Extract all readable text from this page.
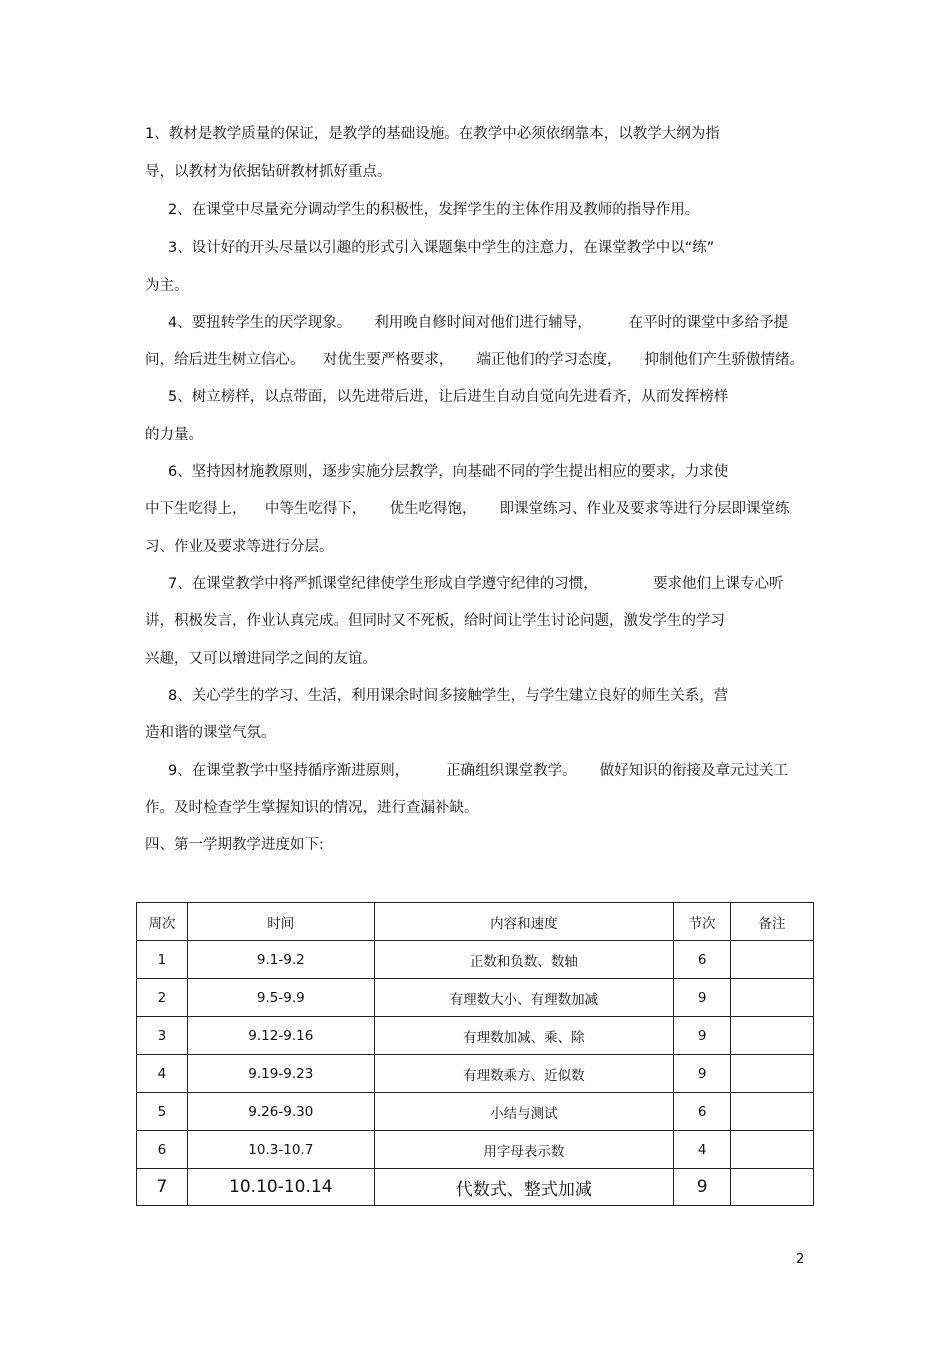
1、教材是教学质量的保证，是教学的基础设施。在教学中必须依纲靠本，以教学大纲为指
导，以教材为依据钻研教材抓好重点。
2、在课堂中尽量充分调动学生的积极性，发挥学生的主体作用及教师的指导作用。
3、设计好的开头尽量以引趣的形式引入课题集中学生的注意力，在课堂教学中以“练”
为主。
4、要扭转学生的厌学现象。     利用晚自修时间对他们进行辅导，        在平时的课堂中多给予提
问，给后进生树立信心。    对优生要严格要求，     端正他们的学习态度，     抑制他们产生骄傲情绪。
5、树立榜样，以点带面，以先进带后进，让后进生自动自觉向先进看齐，从而发挥榜样
的力量。
6、坚持因材施教原则，逐步实施分层教学，向基础不同的学生提出相应的要求，力求使
中下生吃得上，    中等生吃得下，     优生吃得饱，     即课堂练习、作业及要求等进行分层即课堂练
习、作业及要求等进行分层。
7、在课堂教学中将严抓课堂纪律使学生形成自学遵守纪律的习惯，            要求他们上课专心听
讲，积极发言，作业认真完成。但同时又不死板，给时间让学生讨论问题，激发学生的学习
兴趣，又可以增进同学之间的友谊。
8、关心学生的学习、生活，利用课余时间多接触学生，与学生建立良好的师生关系，营
造和谐的课堂气氛。
9、在课堂教学中坚持循序渐进原则，        正确组织课堂教学。     做好知识的衔接及章元过关工
作。及时检查学生掌握知识的情况，进行查漏补缺。
四、第一学期教学进度如下:
周次	时间	内容和速度	节次	备注
1	9.1-9.2	正数和负数、数轴	6	
2	9.5-9.9	有理数大小、有理数加减	9	
3	9.12-9.16	有理数加减、乘、除	9	
4	9.19-9.23	有理数乘方、近似数	9	
5	9.26-9.30	小结与测试	6	
6	10.3-10.7	用字母表示数	4	
7	10.10-10.14	代数式、整式加减	9	
2
